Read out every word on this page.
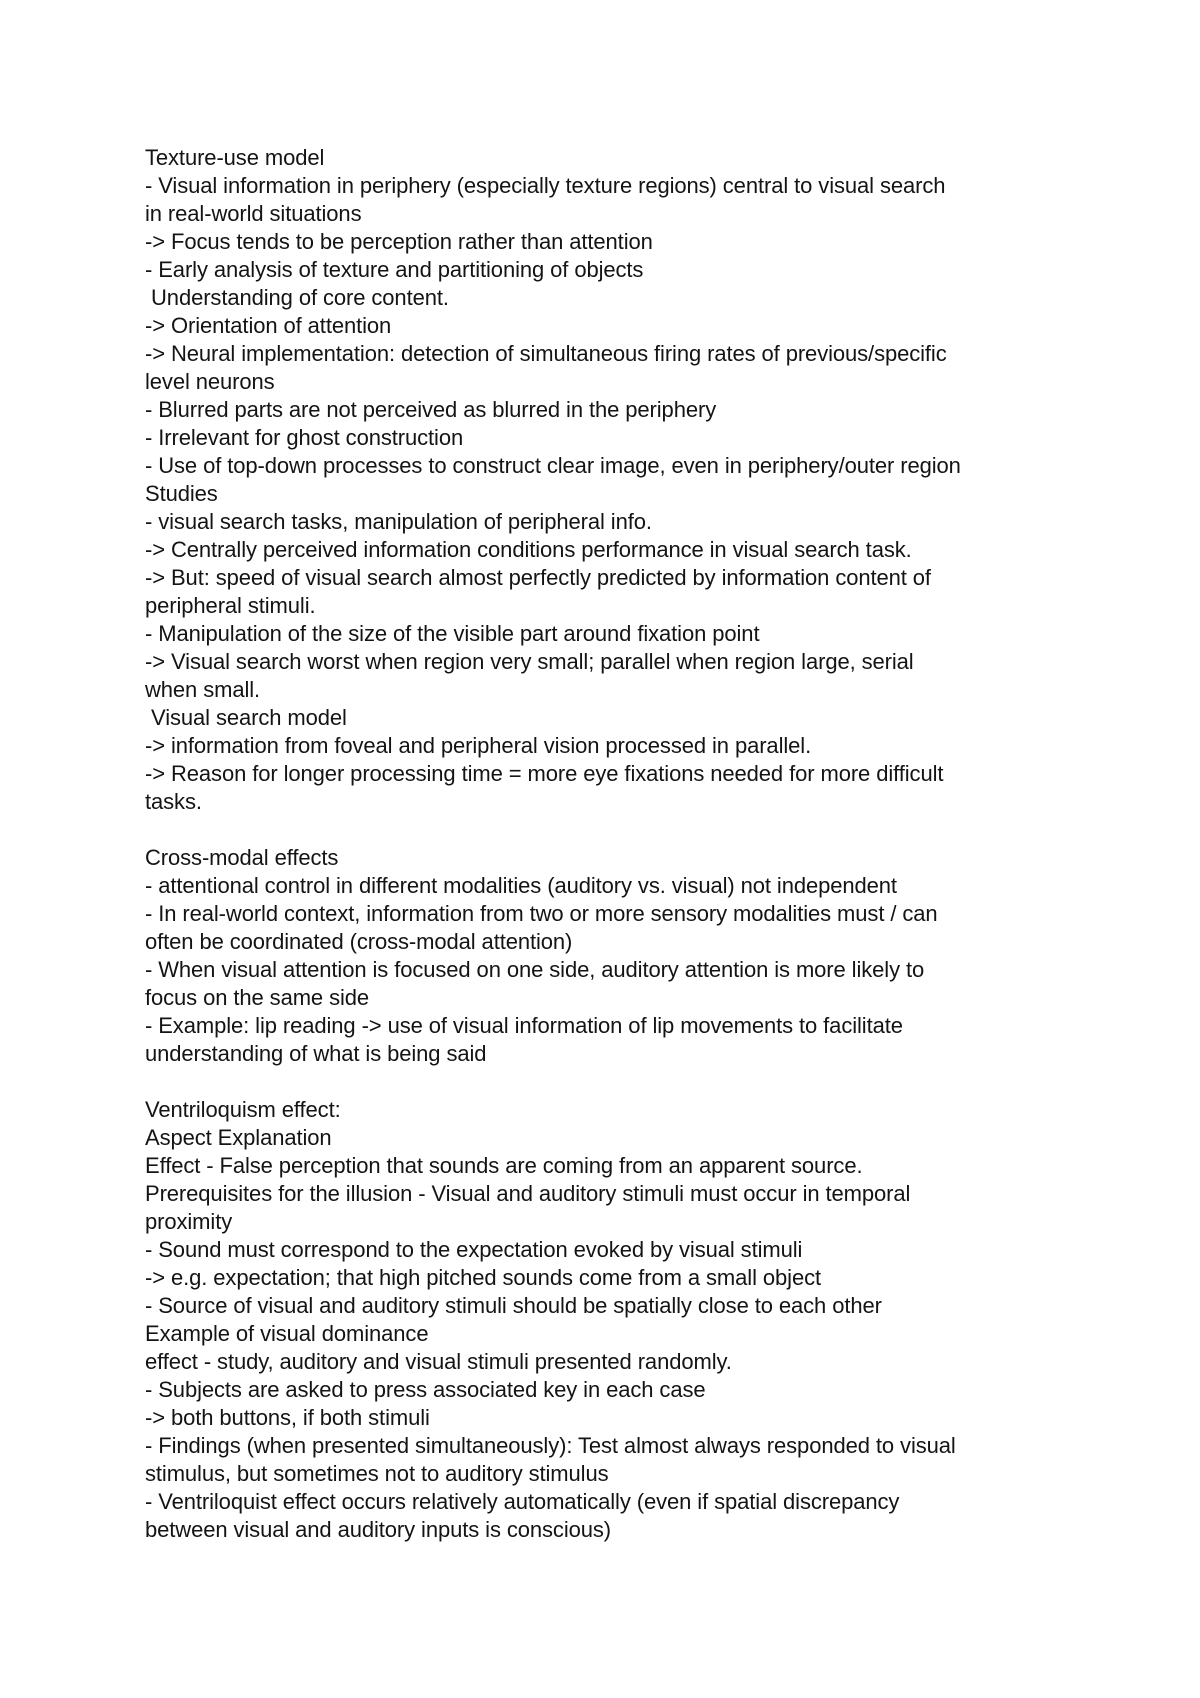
Texture-use model
- Visual information in periphery (especially texture regions) central to visual search
in real-world situations
-> Focus tends to be perception rather than attention
- Early analysis of texture and partitioning of objects
Understanding of core content.
-> Orientation of attention
-> Neural implementation: detection of simultaneous firing rates of previous/specific
level neurons
- Blurred parts are not perceived as blurred in the periphery
- Irrelevant for ghost construction
- Use of top-down processes to construct clear image, even in periphery/outer region
Studies
- visual search tasks, manipulation of peripheral info.
-> Centrally perceived information conditions performance in visual search task.
-> But: speed of visual search almost perfectly predicted by information content of
peripheral stimuli.
- Manipulation of the size of the visible part around fixation point
-> Visual search worst when region very small; parallel when region large, serial
when small.
Visual search model
-> information from foveal and peripheral vision processed in parallel.
-> Reason for longer processing time = more eye fixations needed for more difficult
tasks.
Cross-modal effects
- attentional control in different modalities (auditory vs. visual) not independent
- In real-world context, information from two or more sensory modalities must / can
often be coordinated (cross-modal attention)
- When visual attention is focused on one side, auditory attention is more likely to
focus on the same side
- Example: lip reading -> use of visual information of lip movements to facilitate
understanding of what is being said
Ventriloquism effect:
Aspect Explanation
Effect - False perception that sounds are coming from an apparent source.
Prerequisites for the illusion - Visual and auditory stimuli must occur in temporal
proximity
- Sound must correspond to the expectation evoked by visual stimuli
-> e.g. expectation; that high pitched sounds come from a small object
- Source of visual and auditory stimuli should be spatially close to each other
Example of visual dominance
effect - study, auditory and visual stimuli presented randomly.
- Subjects are asked to press associated key in each case
-> both buttons, if both stimuli
- Findings (when presented simultaneously): Test almost always responded to visual
stimulus, but sometimes not to auditory stimulus
- Ventriloquist effect occurs relatively automatically (even if spatial discrepancy
between visual and auditory inputs is conscious)
